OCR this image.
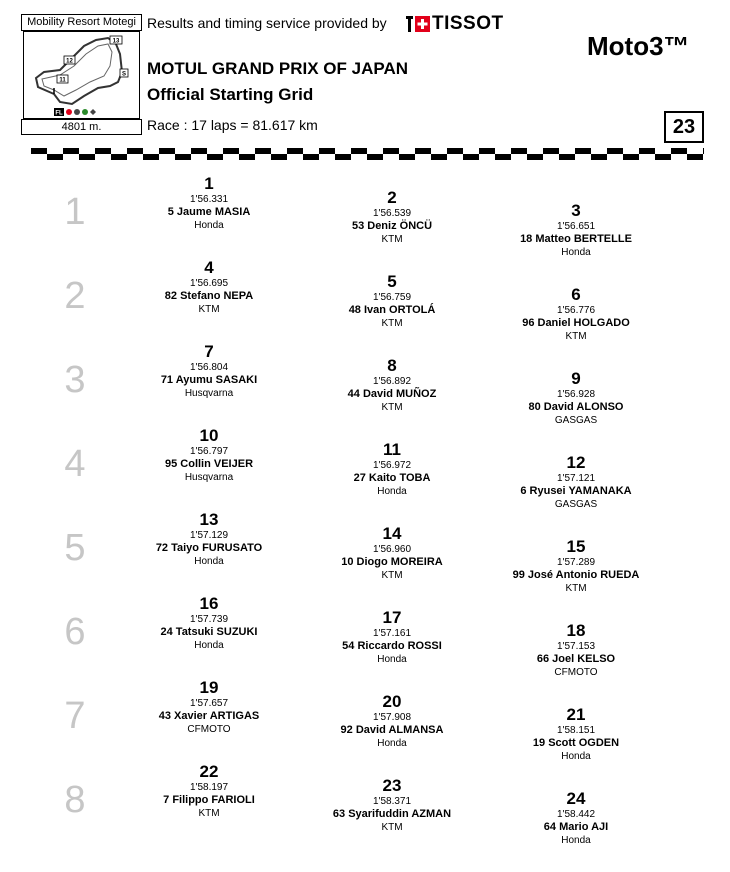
Mobility Resort Motegi
13
12
11
S
FL
4801 m.
Results and timing service provided by TISSOT
Moto3™
MOTUL GRAND PRIX OF JAPAN
Official Starting Grid
Race : 17 laps = 81.617 km	23
1
2
3
4
5
6
7
8
1
1'56.331
5 Jaume MASIA
Honda
2
1'56.539
53 Deniz ÖNCÜ
KTM
3
1'56.651
18 Matteo BERTELLE
Honda
4
1'56.695
82 Stefano NEPA
KTM
5
1'56.759
48 Ivan ORTOLÁ
KTM
6
1'56.776
96 Daniel HOLGADO
KTM
7
1'56.804
71 Ayumu SASAKI
Husqvarna
8
1'56.892
44 David MUÑOZ
KTM
9
1'56.928
80 David ALONSO
GASGAS
10
1'56.797
95 Collin VEIJER
Husqvarna
11
1'56.972
27 Kaito TOBA
Honda
12
1'57.121
6 Ryusei YAMANAKA
GASGAS
13
1'57.129
72 Taiyo FURUSATO
Honda
14
1'56.960
10 Diogo MOREIRA
KTM
15
1'57.289
99 José Antonio RUEDA
KTM
16
1'57.739
24 Tatsuki SUZUKI
Honda
17
1'57.161
54 Riccardo ROSSI
Honda
18
1'57.153
66 Joel KELSO
CFMOTO
19
1'57.657
43 Xavier ARTIGAS
CFMOTO
20
1'57.908
92 David ALMANSA
Honda
21
1'58.151
19 Scott OGDEN
Honda
22
1'58.197
7 Filippo FARIOLI
KTM
23
1'58.371
63 Syarifuddin AZMAN
KTM
24
1'58.442
64 Mario AJI
Honda
